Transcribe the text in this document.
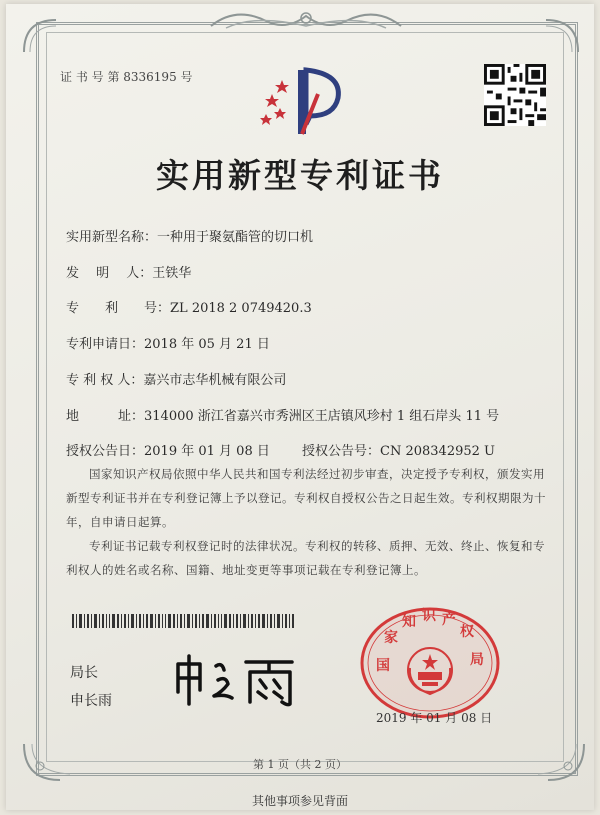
证 书 号 第 8336195 号
实用新型专利证书
实用新型名称：一种用于聚氨酯管的切口机
发　 明　 人：王铁华
专　　利　　号：ZL 2018 2 0749420.3
专利申请日：2018 年 05 月 21 日
专 利 权 人：嘉兴市志华机械有限公司
地　　　址：314000 浙江省嘉兴市秀洲区王店镇风珍村 1 组石岸头 11 号
授权公告日：2019 年 01 月 08 日 授权公告号：CN 208342952 U
国家知识产权局依照中华人民共和国专利法经过初步审查，决定授予专利权，颁发实用新型专利证书并在专利登记簿上予以登记。专利权自授权公告之日起生效。专利权期限为十年，自申请日起算。
专利证书记载专利权登记时的法律状况。专利权的转移、质押、无效、终止、恢复和专利权人的姓名或名称、国籍、地址变更等事项记载在专利登记簿上。
局长
申长雨
国
家
知 识 产
权
局
2019 年 01 月 08 日
第 1 页（共 2 页）
其他事项参见背面
